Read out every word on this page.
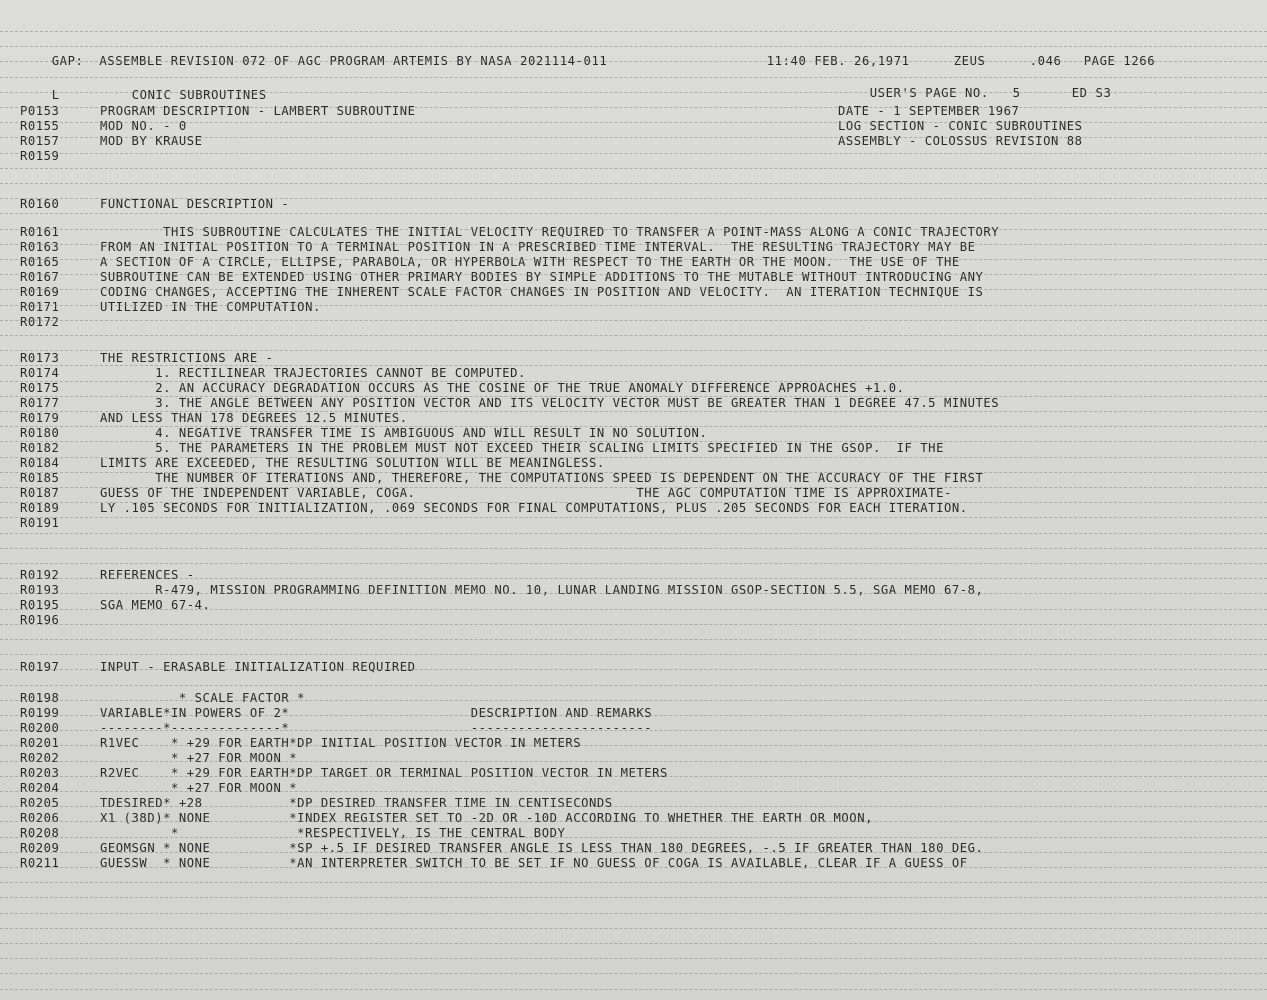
GAP:  ASSEMBLE REVISION 072 OF AGC PROGRAM ARTEMIS BY NASA 2021114-011
	11:40 FEB. 26,1971
	ZEUS
	.046
	PAGE 1266

L
	CONIC SUBROUTINES
	USER'S PAGE NO.   5
	ED S3

P0153	PROGRAM DESCRIPTION - LAMBERT SUBROUTINE	DATE - 1 SEPTEMBER 1967
R0155	MOD NO. - 0	LOG SECTION - CONIC SUBROUTINES
R0157	MOD BY KRAUSE	ASSEMBLY - COLOSSUS REVISION 88
R0159
R0160	FUNCTIONAL DESCRIPTION -
R0161	THIS SUBROUTINE CALCULATES THE INITIAL VELOCITY REQUIRED TO TRANSFER A POINT-MASS ALONG A CONIC TRAJECTORY
R0163	FROM AN INITIAL POSITION TO A TERMINAL POSITION IN A PRESCRIBED TIME INTERVAL.  THE RESULTING TRAJECTORY MAY BE
R0165	A SECTION OF A CIRCLE, ELLIPSE, PARABOLA, OR HYPERBOLA WITH RESPECT TO THE EARTH OR THE MOON.  THE USE OF THE
R0167	SUBROUTINE CAN BE EXTENDED USING OTHER PRIMARY BODIES BY SIMPLE ADDITIONS TO THE MUTABLE WITHOUT INTRODUCING ANY
R0169	CODING CHANGES, ACCEPTING THE INHERENT SCALE FACTOR CHANGES IN POSITION AND VELOCITY.  AN ITERATION TECHNIQUE IS
R0171	UTILIZED IN THE COMPUTATION.
R0172
R0173	THE RESTRICTIONS ARE -
R0174	1. RECTILINEAR TRAJECTORIES CANNOT BE COMPUTED.
R0175	2. AN ACCURACY DEGRADATION OCCURS AS THE COSINE OF THE TRUE ANOMALY DIFFERENCE APPROACHES +1.0.
R0177	3. THE ANGLE BETWEEN ANY POSITION VECTOR AND ITS VELOCITY VECTOR MUST BE GREATER THAN 1 DEGREE 47.5 MINUTES
R0179	AND LESS THAN 178 DEGREES 12.5 MINUTES.
R0180	4. NEGATIVE TRANSFER TIME IS AMBIGUOUS AND WILL RESULT IN NO SOLUTION.
R0182	5. THE PARAMETERS IN THE PROBLEM MUST NOT EXCEED THEIR SCALING LIMITS SPECIFIED IN THE GSOP.  IF THE
R0184	LIMITS ARE EXCEEDED, THE RESULTING SOLUTION WILL BE MEANINGLESS.
R0185	THE NUMBER OF ITERATIONS AND, THEREFORE, THE COMPUTATIONS SPEED IS DEPENDENT ON THE ACCURACY OF THE FIRST
R0187	GUESS OF THE INDEPENDENT VARIABLE, COGA.                            THE AGC COMPUTATION TIME IS APPROXIMATE-
R0189	LY .105 SECONDS FOR INITIALIZATION, .069 SECONDS FOR FINAL COMPUTATIONS, PLUS .205 SECONDS FOR EACH ITERATION.
R0191
R0192	REFERENCES -
R0193	R-479, MISSION PROGRAMMING DEFINITION MEMO NO. 10, LUNAR LANDING MISSION GSOP-SECTION 5.5, SGA MEMO 67-8,
R0195	SGA MEMO 67-4.
R0196
R0197	INPUT - ERASABLE INITIALIZATION REQUIRED
R0198	* SCALE FACTOR *
R0199	VARIABLE*IN POWERS OF 2*                       DESCRIPTION AND REMARKS
R0200	--------*--------------*                       -----------------------
R0201	R1VEC    * +29 FOR EARTH*DP INITIAL POSITION VECTOR IN METERS
R0202	* +27 FOR MOON *
R0203	R2VEC    * +29 FOR EARTH*DP TARGET OR TERMINAL POSITION VECTOR IN METERS
R0204	* +27 FOR MOON *
R0205	TDESIRED* +28           *DP DESIRED TRANSFER TIME IN CENTISECONDS
R0206	X1 (38D)* NONE          *INDEX REGISTER SET TO -2D OR -10D ACCORDING TO WHETHER THE EARTH OR MOON,
R0208	*               *RESPECTIVELY, IS THE CENTRAL BODY
R0209	GEOMSGN * NONE          *SP +.5 IF DESIRED TRANSFER ANGLE IS LESS THAN 180 DEGREES, -.5 IF GREATER THAN 180 DEG.
R0211	GUESSW  * NONE          *AN INTERPRETER SWITCH TO BE SET IF NO GUESS OF COGA IS AVAILABLE, CLEAR IF A GUESS OF
